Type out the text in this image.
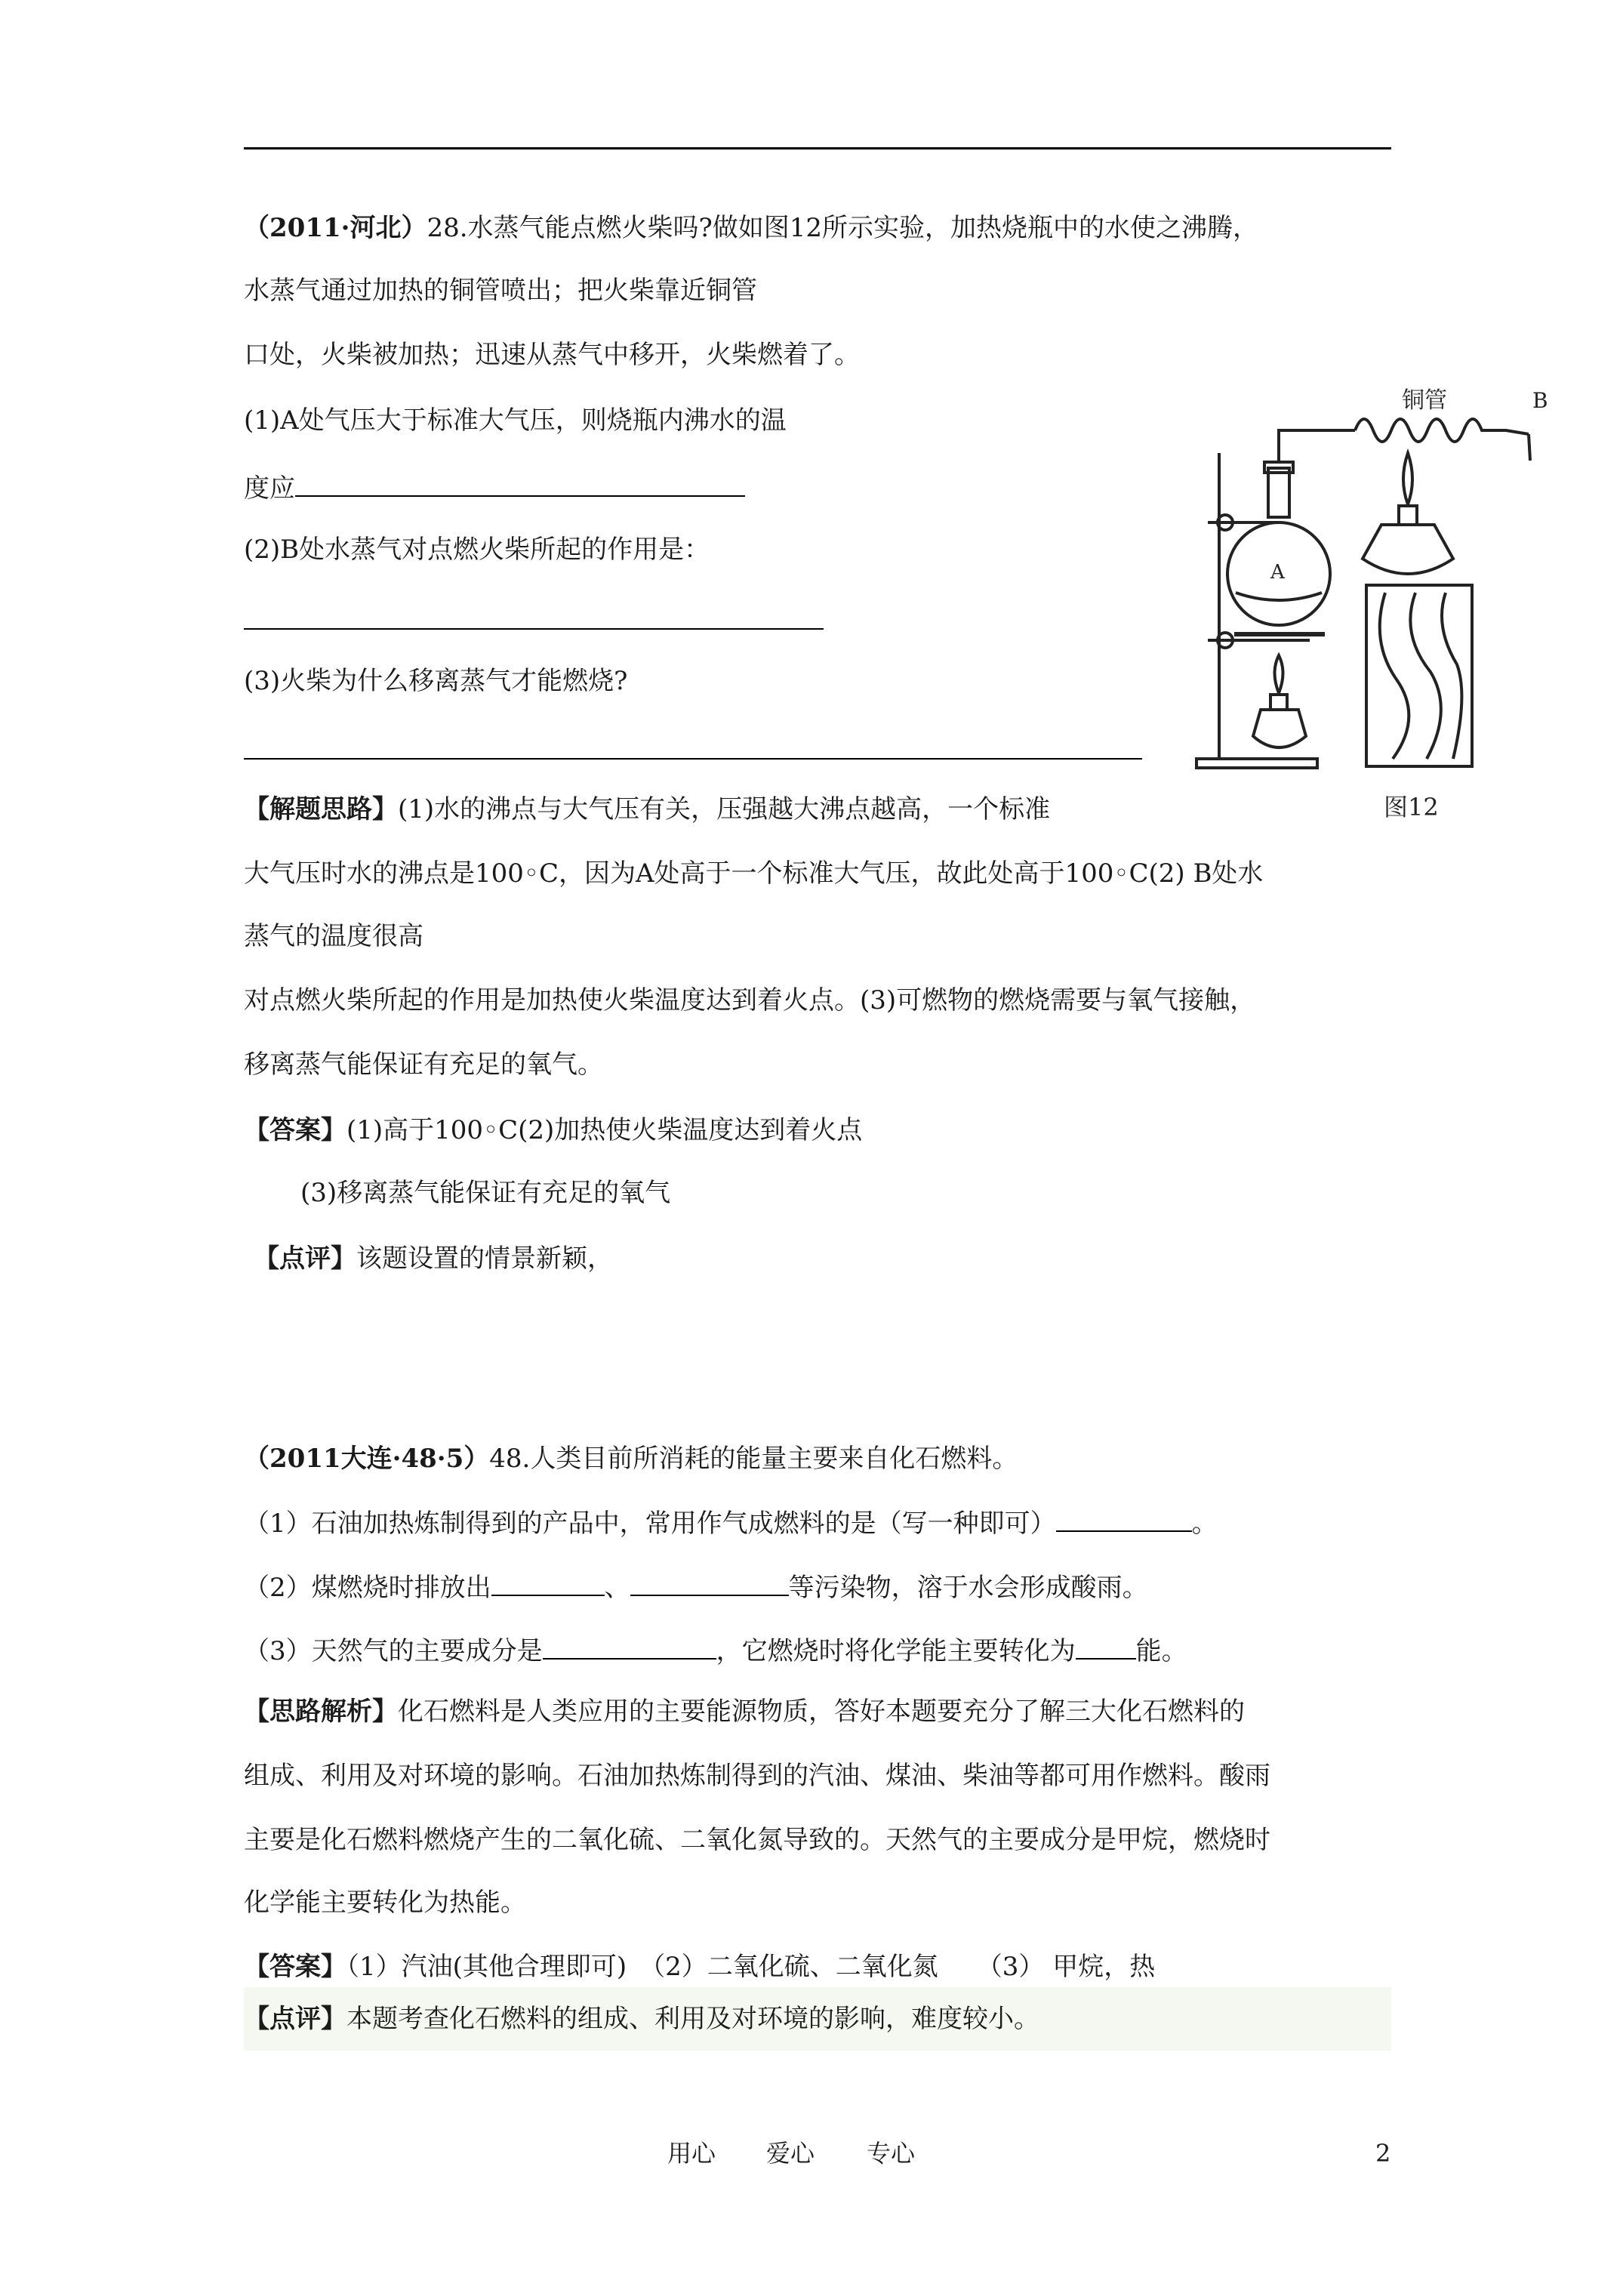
（2011·河北）28.水蒸气能点燃火柴吗?做如图12所示实验，加热烧瓶中的水使之沸腾，
水蒸气通过加热的铜管喷出；把火柴靠近铜管
口处，火柴被加热；迅速从蒸气中移开，火柴燃着了。
(1)A处气压大于标准大气压，则烧瓶内沸水的温
度应
(2)B处水蒸气对点燃火柴所起的作用是：
(3)火柴为什么移离蒸气才能燃烧?
【解题思路】(1)水的沸点与大气压有关，压强越大沸点越高，一个标准
大气压时水的沸点是100◦C，因为A处高于一个标准大气压，故此处高于100◦C(2) B处水
蒸气的温度很高
对点燃火柴所起的作用是加热使火柴温度达到着火点。(3)可燃物的燃烧需要与氧气接触，
移离蒸气能保证有充足的氧气。
【答案】(1)高于100◦C(2)加热使火柴温度达到着火点
(3)移离蒸气能保证有充足的氧气
【点评】该题设置的情景新颖，
铜管	B
A
图12
（2011大连·48·5）48.人类目前所消耗的能量主要来自化石燃料。
（1）石油加热炼制得到的产品中，常用作气成燃料的是（写一种即可）	。
（2）煤燃烧时排放出	、	等污染物，溶于水会形成酸雨。
（3）天然气的主要成分是	，它燃烧时将化学能主要转化为 能。
【思路解析】化石燃料是人类应用的主要能源物质，答好本题要充分了解三大化石燃料的
组成、利用及对环境的影响。石油加热炼制得到的汽油、煤油、柴油等都可用作燃料。酸雨
主要是化石燃料燃烧产生的二氧化硫、二氧化氮导致的。天然气的主要成分是甲烷，燃烧时
化学能主要转化为热能。
【答案】（1）汽油(其他合理即可)　（2）二氧化硫、二氧化氮　　（3） 甲烷，热
【点评】本题考查化石燃料的组成、利用及对环境的影响，难度较小。
用心 爱心 专心	2
